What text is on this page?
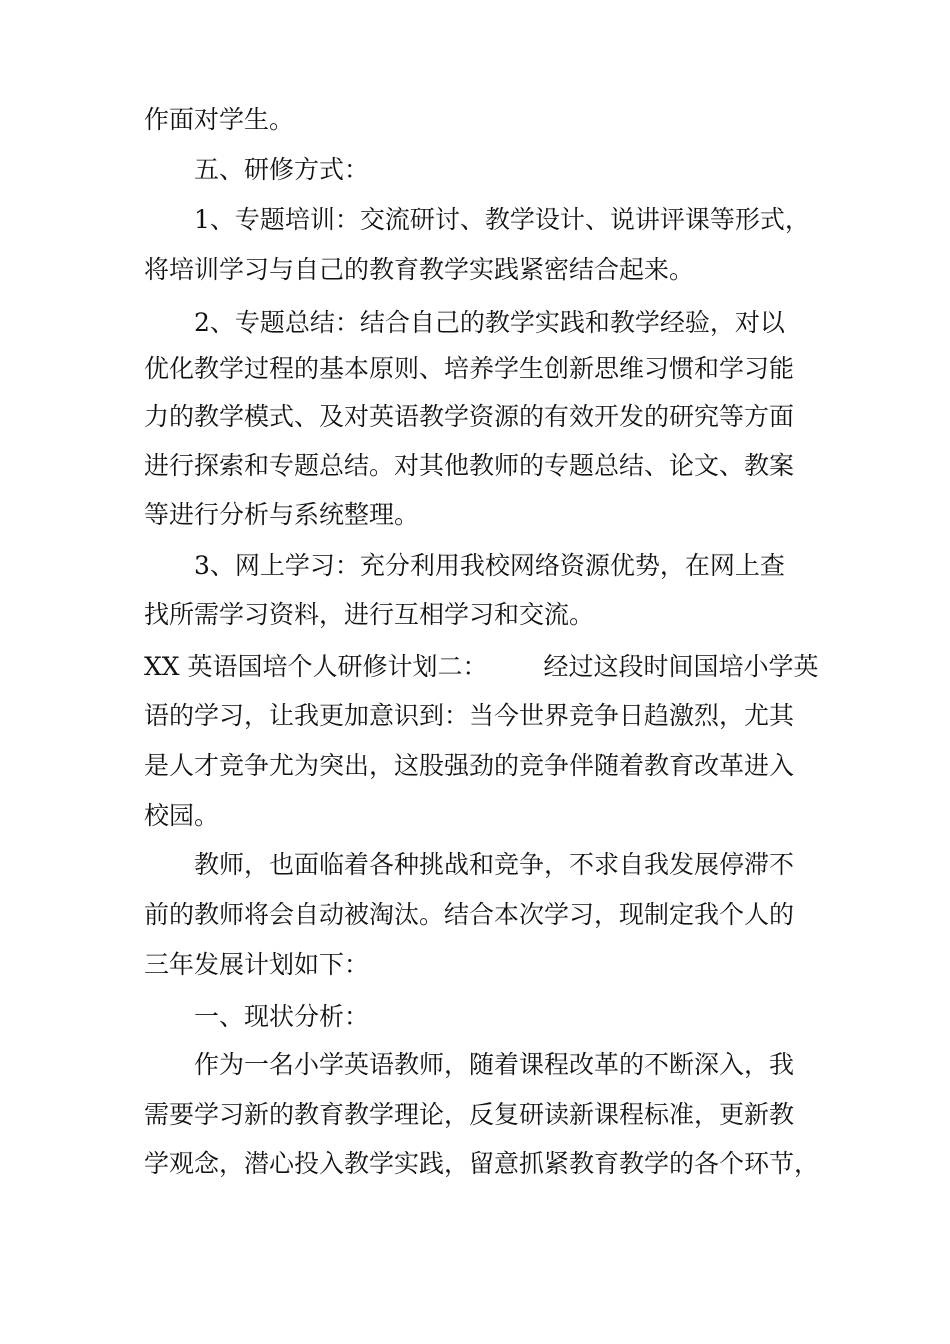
作面对学生。
五、研修方式：
1、专题培训：交流研讨、教学设计、说讲评课等形式，
将培训学习与自己的教育教学实践紧密结合起来。
2、专题总结：结合自己的教学实践和教学经验，对以
优化教学过程的基本原则、培养学生创新思维习惯和学习能
力的教学模式、及对英语教学资源的有效开发的研究等方面
进行探索和专题总结。对其他教师的专题总结、论文、教案
等进行分析与系统整理。
3、网上学习：充分利用我校网络资源优势，在网上查
找所需学习资料，进行互相学习和交流。
XX 英语国培个人研修计划二： 经过这段时间国培小学英
语的学习，让我更加意识到：当今世界竞争日趋激烈，尤其
是人才竞争尤为突出，这股强劲的竞争伴随着教育改革进入
校园。
教师，也面临着各种挑战和竞争，不求自我发展停滞不
前的教师将会自动被淘汰。结合本次学习，现制定我个人的
三年发展计划如下：
一、现状分析：
作为一名小学英语教师，随着课程改革的不断深入，我
需要学习新的教育教学理论，反复研读新课程标准，更新教
学观念，潜心投入教学实践，留意抓紧教育教学的各个环节，
